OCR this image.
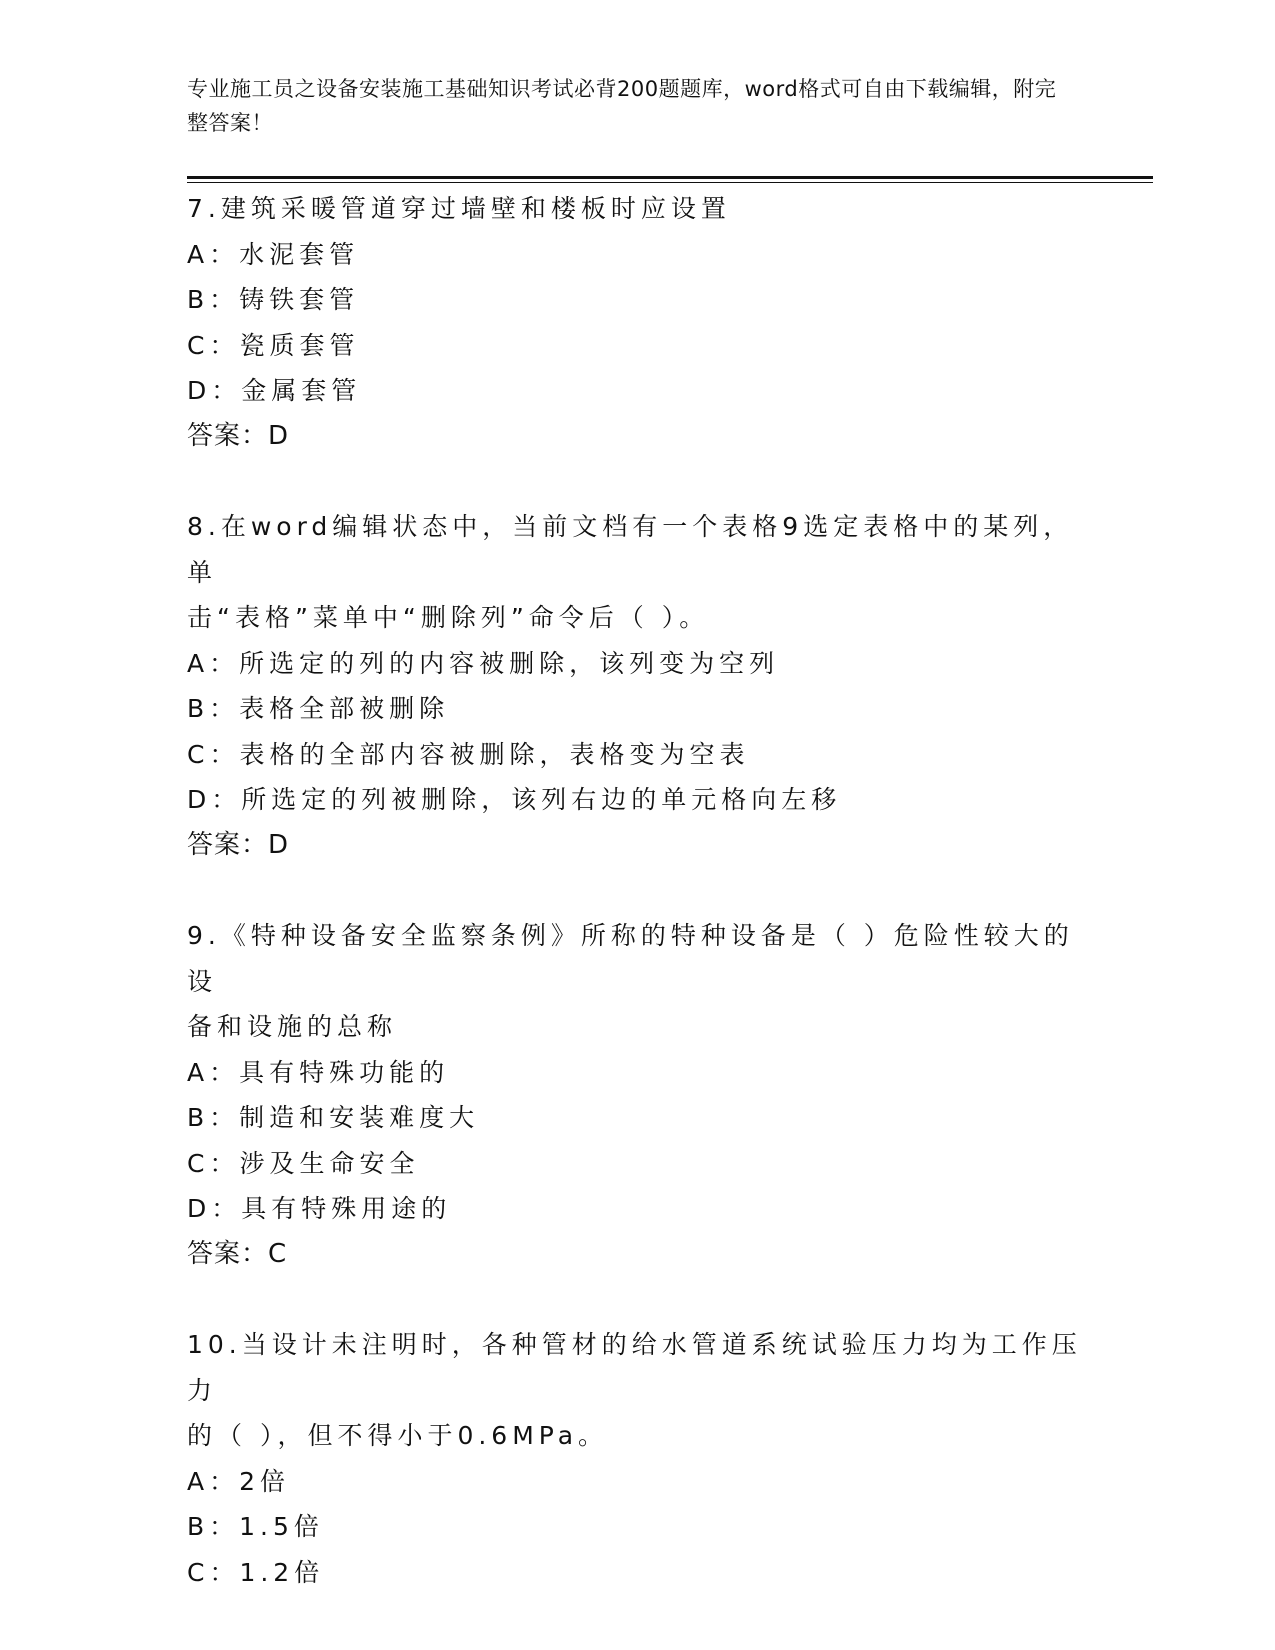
专业施工员之设备安装施工基础知识考试必背200题题库，word格式可自由下载编辑，附完整答案！
7.建筑采暖管道穿过墙壁和楼板时应设置
A：水泥套管
B：铸铁套管
C：瓷质套管
D：金属套管
答案：D
8.在word编辑状态中，当前文档有一个表格9选定表格中的某列，单
击“表格”菜单中“删除列”命令后（ ）。
A：所选定的列的内容被删除，该列变为空列
B：表格全部被删除
C：表格的全部内容被删除，表格变为空表
D：所选定的列被删除，该列右边的单元格向左移
答案：D
9.《特种设备安全监察条例》所称的特种设备是（ ）危险性较大的设
备和设施的总称
A：具有特殊功能的
B：制造和安装难度大
C：涉及生命安全
D：具有特殊用途的
答案：C
10.当设计未注明时，各种管材的给水管道系统试验压力均为工作压力
的（ ），但不得小于0.6MPa。
A：2倍
B：1.5倍
C：1.2倍
